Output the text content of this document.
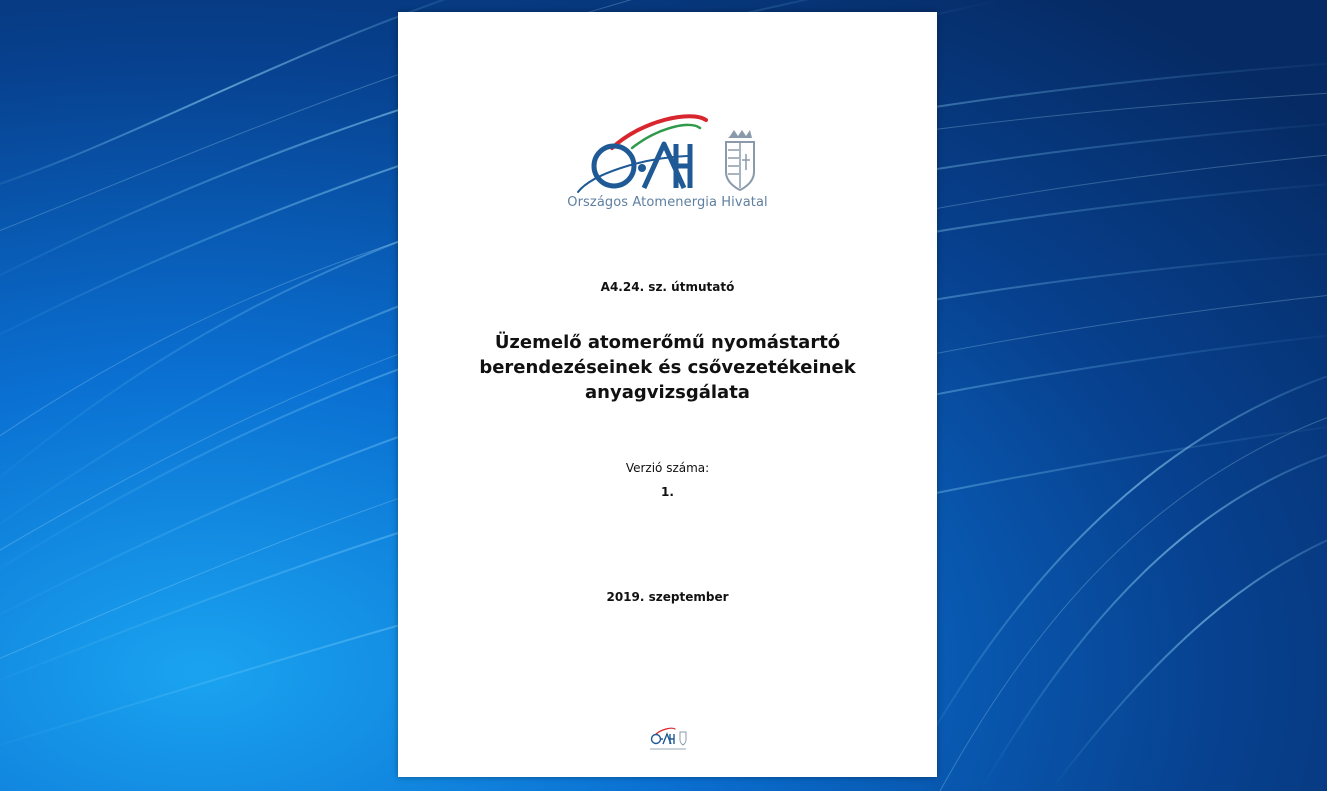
Országos Atomenergia Hivatal
A4.24. sz. útmutató
Üzemelő atomerőmű nyomástartó
berendezéseinek és csővezetékeinek
anyagvizsgálata
Verzió száma:
1.
2019. szeptember
